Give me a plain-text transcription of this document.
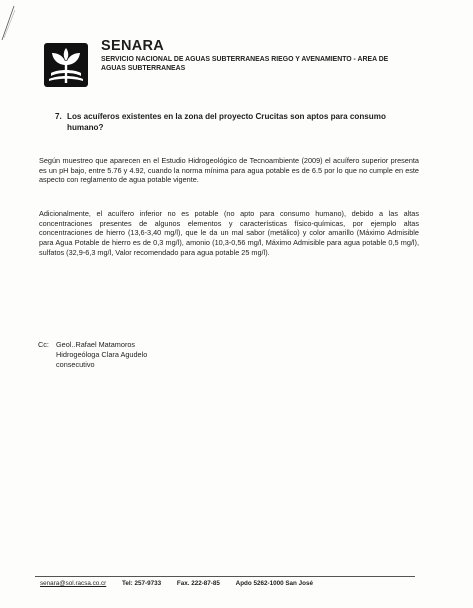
SENARA
SERVICIO NACIONAL DE AGUAS SUBTERRANEAS RIEGO Y AVENAMIENTO - AREA DE AGUAS SUBTERRANEAS
7. Los acuíferos existentes en la zona del proyecto Crucitas son aptos para consumo humano?
Según muestreo que aparecen en el Estudio Hidrogeológico de Tecnoambiente (2009) el acuífero superior presenta es un pH bajo, entre 5.76 y 4.92, cuando la norma mínima para agua potable es de 6.5 por lo que no cumple en este aspecto con reglamento de agua potable vigente.
Adicionalmente, el acuífero inferior no es potable (no apto para consumo humano), debido a las altas concentraciones presentes de algunos elementos y características físico-químicas, por ejemplo altas concentraciones de hierro (13,6-3,40 mg/l), que le da un mal sabor (metálico) y color amarillo (Máximo Admisible para Agua Potable de hierro es de 0,3 mg/l), amonio (10,3-0,56 mg/l, Máximo Admisible para agua potable 0,5 mg/l), sulfatos (32,9-6,3 mg/l, Valor recomendado para agua potable 25 mg/l).
Cc: Geol..Rafael Matamoros
Hidrogeóloga Clara Agudelo
consecutivo
senara@sol.racsa.co.cr	Tel: 257-9733	Fax. 222-87-85	Apdo 5262-1000 San José
